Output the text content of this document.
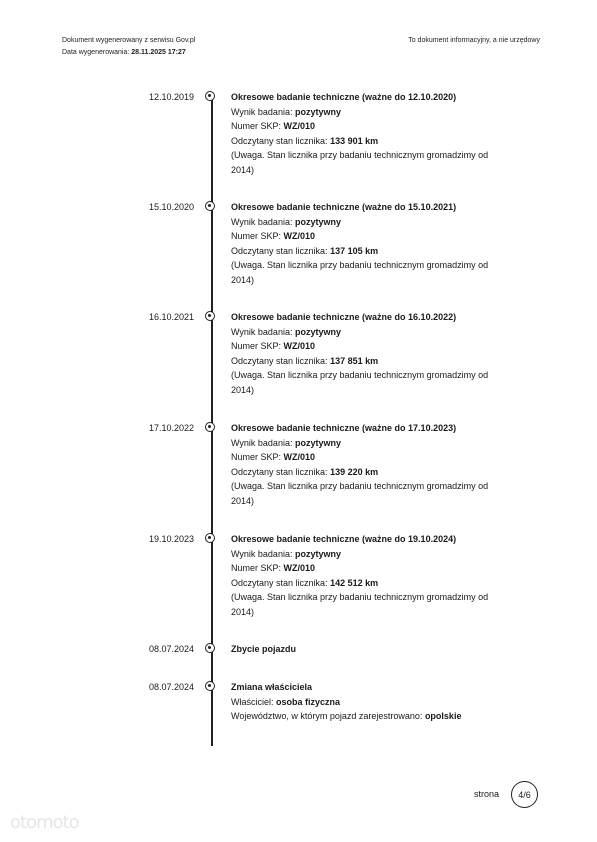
Dokument wygenerowany z serwisu Gov.pl
Data wygenerowania: 28.11.2025 17:27
To dokument informacyjny, a nie urzędowy
12.10.2019	Okresowe badanie techniczne (ważne do 12.10.2020)
Wynik badania: pozytywny
Numer SKP: WZ/010
Odczytany stan licznika: 133 901 km
(Uwaga. Stan licznika przy badaniu technicznym gromadzimy od
2014)
15.10.2020	Okresowe badanie techniczne (ważne do 15.10.2021)
Wynik badania: pozytywny
Numer SKP: WZ/010
Odczytany stan licznika: 137 105 km
(Uwaga. Stan licznika przy badaniu technicznym gromadzimy od
2014)
16.10.2021	Okresowe badanie techniczne (ważne do 16.10.2022)
Wynik badania: pozytywny
Numer SKP: WZ/010
Odczytany stan licznika: 137 851 km
(Uwaga. Stan licznika przy badaniu technicznym gromadzimy od
2014)
17.10.2022	Okresowe badanie techniczne (ważne do 17.10.2023)
Wynik badania: pozytywny
Numer SKP: WZ/010
Odczytany stan licznika: 139 220 km
(Uwaga. Stan licznika przy badaniu technicznym gromadzimy od
2014)
19.10.2023	Okresowe badanie techniczne (ważne do 19.10.2024)
Wynik badania: pozytywny
Numer SKP: WZ/010
Odczytany stan licznika: 142 512 km
(Uwaga. Stan licznika przy badaniu technicznym gromadzimy od
2014)
08.07.2024	Zbycie pojazdu
08.07.2024	Zmiana właściciela
Właściciel: osoba fizyczna
Województwo, w którym pojazd zarejestrowano: opolskie
strona	4/6
otomoto
